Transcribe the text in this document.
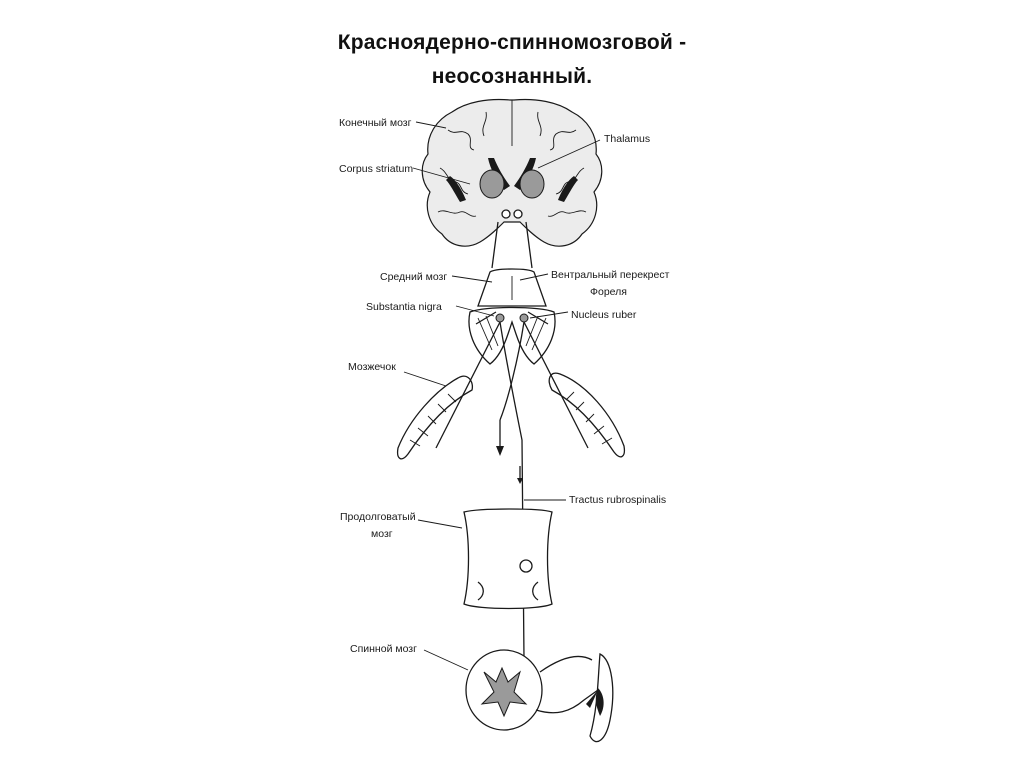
Красноядерно-спинномозговой -
неосознанный.
Конечный мозг
Corpus striatum
Thalamus
Средний мозг	Вентральный перекрест
Фореля
Substantia nigra
Nucleus ruber
Мозжечок
Tractus rubrospinalis
Продолговатый
мозг
Спинной мозг
